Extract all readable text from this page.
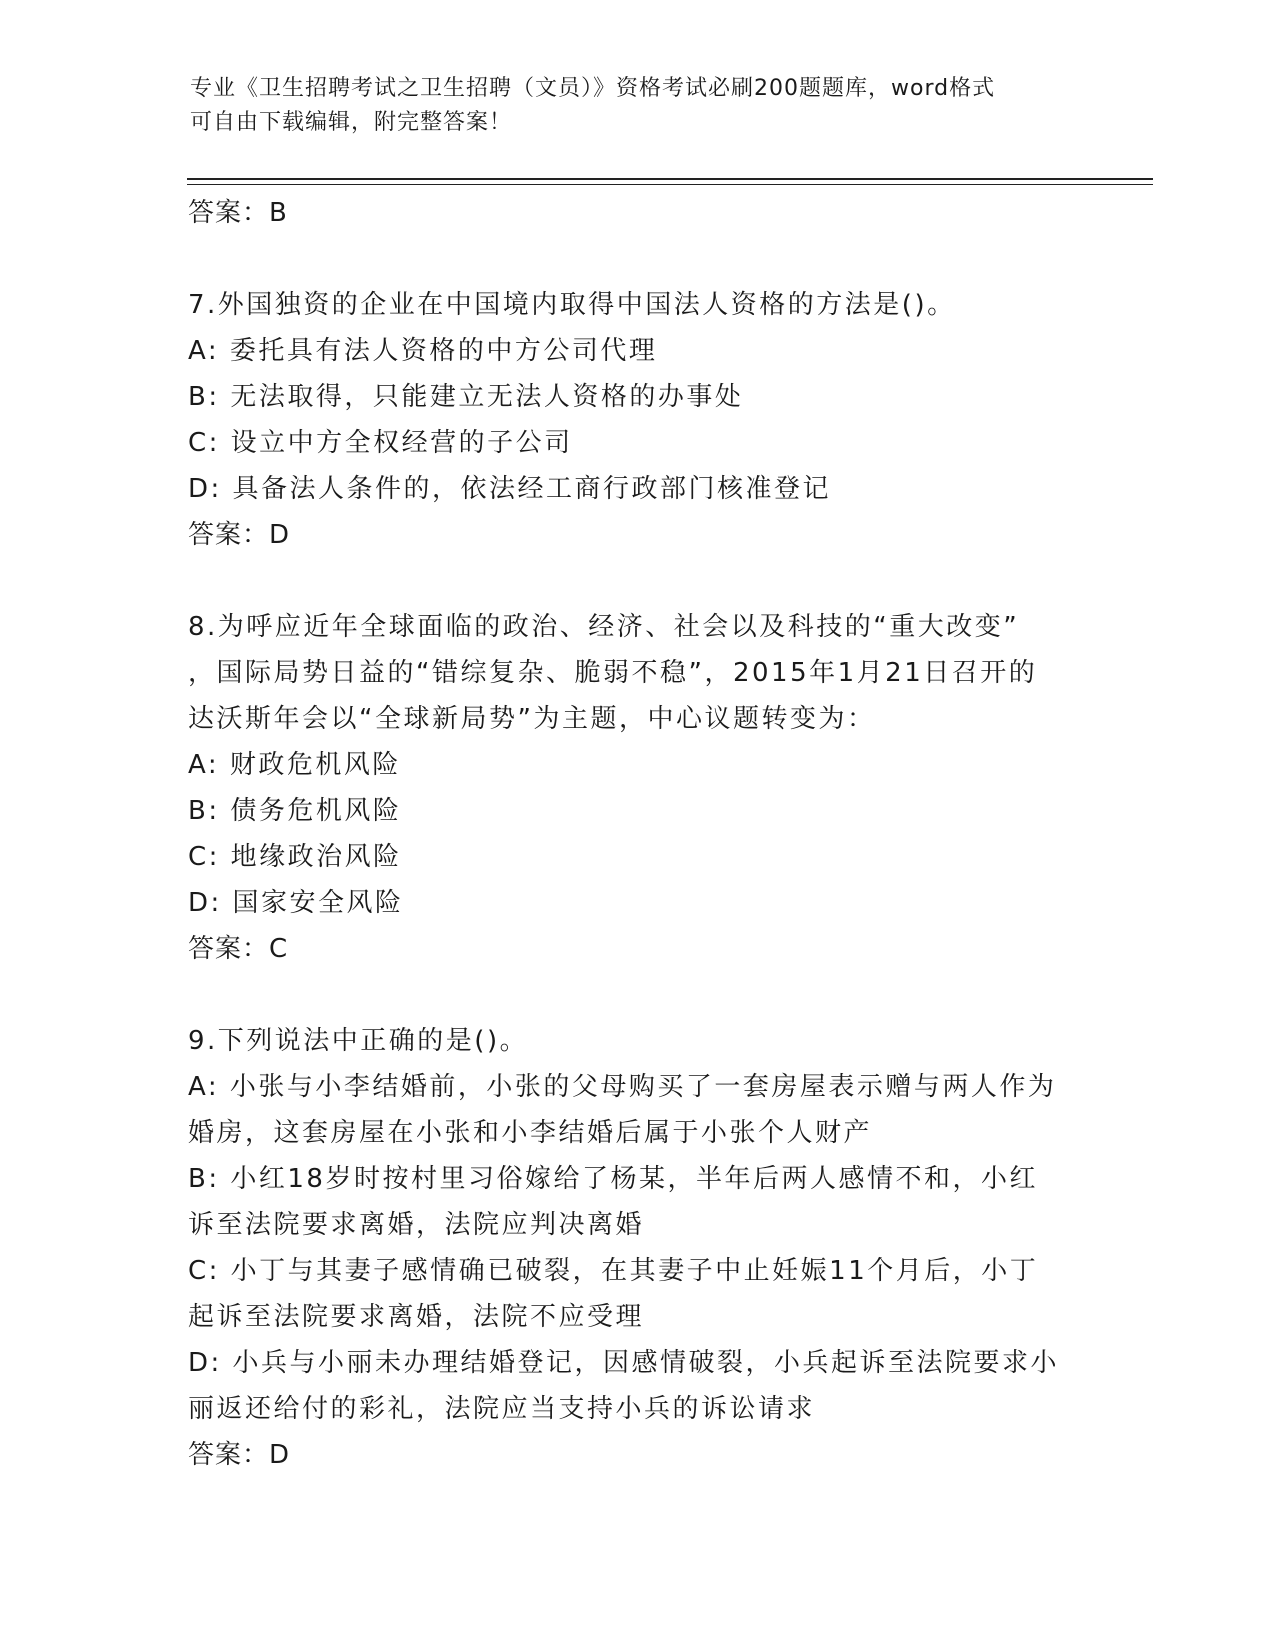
专业《卫生招聘考试之卫生招聘（文员）》资格考试必刷200题题库，word格式
可自由下载编辑，附完整答案！
答案：B
7.外国独资的企业在中国境内取得中国法人资格的方法是()。
A: 委托具有法人资格的中方公司代理
B: 无法取得，只能建立无法人资格的办事处
C: 设立中方全权经营的子公司
D: 具备法人条件的，依法经工商行政部门核准登记
答案：D
8.为呼应近年全球面临的政治、经济、社会以及科技的“重大改变”
，国际局势日益的“错综复杂、脆弱不稳”，2015年1月21日召开的
达沃斯年会以“全球新局势”为主题，中心议题转变为：
A: 财政危机风险
B: 债务危机风险
C: 地缘政治风险
D: 国家安全风险
答案：C
9.下列说法中正确的是()。
A: 小张与小李结婚前，小张的父母购买了一套房屋表示赠与两人作为
婚房，这套房屋在小张和小李结婚后属于小张个人财产
B: 小红18岁时按村里习俗嫁给了杨某，半年后两人感情不和，小红
诉至法院要求离婚，法院应判决离婚
C: 小丁与其妻子感情确已破裂，在其妻子中止妊娠11个月后，小丁
起诉至法院要求离婚，法院不应受理
D: 小兵与小丽未办理结婚登记，因感情破裂，小兵起诉至法院要求小
丽返还给付的彩礼，法院应当支持小兵的诉讼请求
答案：D
